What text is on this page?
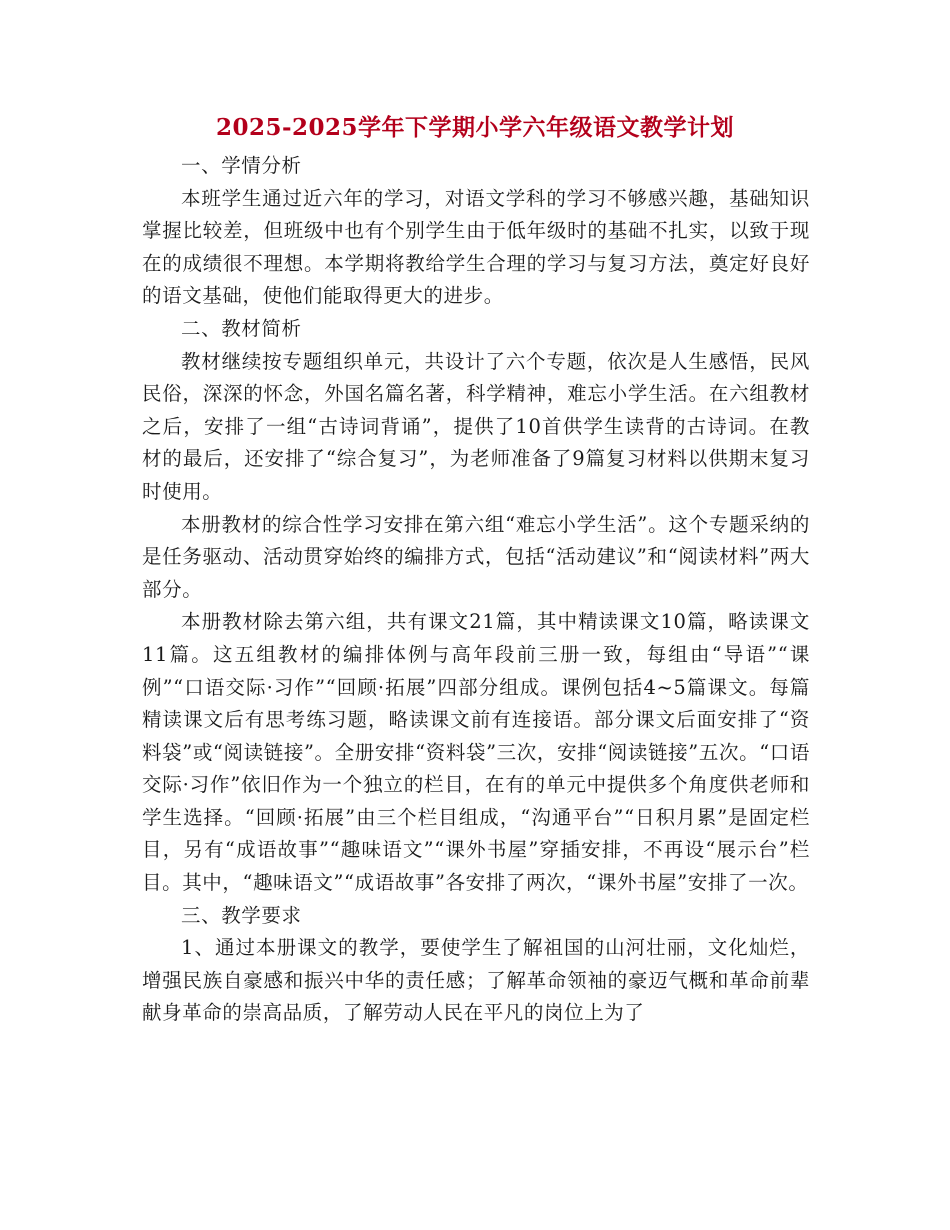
2025-2025学年下学期小学六年级语文教学计划

一、学情分析

本班学生通过近六年的学习，对语文学科的学习不够感兴趣，基础知识掌握比较差，但班级中也有个别学生由于低年级时的基础不扎实，以致于现在的成绩很不理想。本学期将教给学生合理的学习与复习方法，奠定好良好的语文基础，使他们能取得更大的进步。

二、教材简析

教材继续按专题组织单元，共设计了六个专题，依次是人生感悟，民风民俗，深深的怀念，外国名篇名著，科学精神，难忘小学生活。在六组教材之后，安排了一组“古诗词背诵”，提供了10首供学生读背的古诗词。在教材的最后，还安排了“综合复习”，为老师准备了9篇复习材料以供期末复习时使用。

本册教材的综合性学习安排在第六组“难忘小学生活”。这个专题采纳的是任务驱动、活动贯穿始终的编排方式，包括“活动建议”和“阅读材料”两大部分。

本册教材除去第六组，共有课文21篇，其中精读课文10篇，略读课文11篇。这五组教材的编排体例与高年段前三册一致，每组由“导语”“课例”“口语交际·习作”“回顾·拓展”四部分组成。课例包括4~5篇课文。每篇精读课文后有思考练习题，略读课文前有连接语。部分课文后面安排了“资料袋”或“阅读链接”。全册安排“资料袋”三次，安排“阅读链接”五次。“口语交际·习作”依旧作为一个独立的栏目，在有的单元中提供多个角度供老师和学生选择。“回顾·拓展”由三个栏目组成，“沟通平台”“日积月累”是固定栏目，另有“成语故事”“趣味语文”“课外书屋”穿插安排，不再设“展示台”栏目。其中，“趣味语文”“成语故事”各安排了两次，“课外书屋”安排了一次。

三、教学要求

1、通过本册课文的教学，要使学生了解祖国的山河壮丽，文化灿烂，增强民族自豪感和振兴中华的责任感；了解革命领袖的豪迈气概和革命前辈献身革命的崇高品质，了解劳动人民在平凡的岗位上为了
